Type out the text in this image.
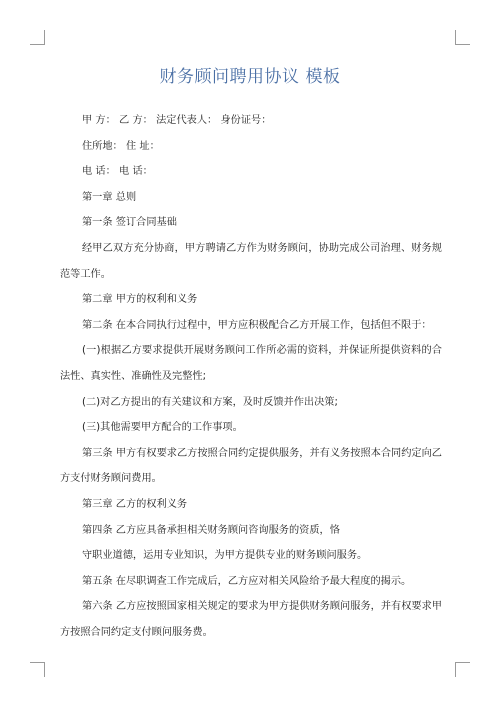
财务顾问聘用协议 模板

甲 方： 乙 方： 法定代表人： 身份证号：

住所地： 住 址：

电 话： 电 话：

第一章 总则

第一条 签订合同基础

经甲乙双方充分协商，甲方聘请乙方作为财务顾问，协助完成公司治理、财务规范等工作。

第二章 甲方的权利和义务

第二条 在本合同执行过程中，甲方应积极配合乙方开展工作，包括但不限于：

(一)根据乙方要求提供开展财务顾问工作所必需的资料，并保证所提供资料的合法性、真实性、准确性及完整性;

(二)对乙方提出的有关建议和方案，及时反馈并作出决策;

(三)其他需要甲方配合的工作事项。

第三条 甲方有权要求乙方按照合同约定提供服务，并有义务按照本合同约定向乙方支付财务顾问费用。

第三章 乙方的权利义务

第四条 乙方应具备承担相关财务顾问咨询服务的资质，恪

守职业道德，运用专业知识，为甲方提供专业的财务顾问服务。

第五条 在尽职调查工作完成后，乙方应对相关风险给予最大程度的揭示。

第六条 乙方应按照国家相关规定的要求为甲方提供财务顾问服务，并有权要求甲方按照合同约定支付顾问服务费。
